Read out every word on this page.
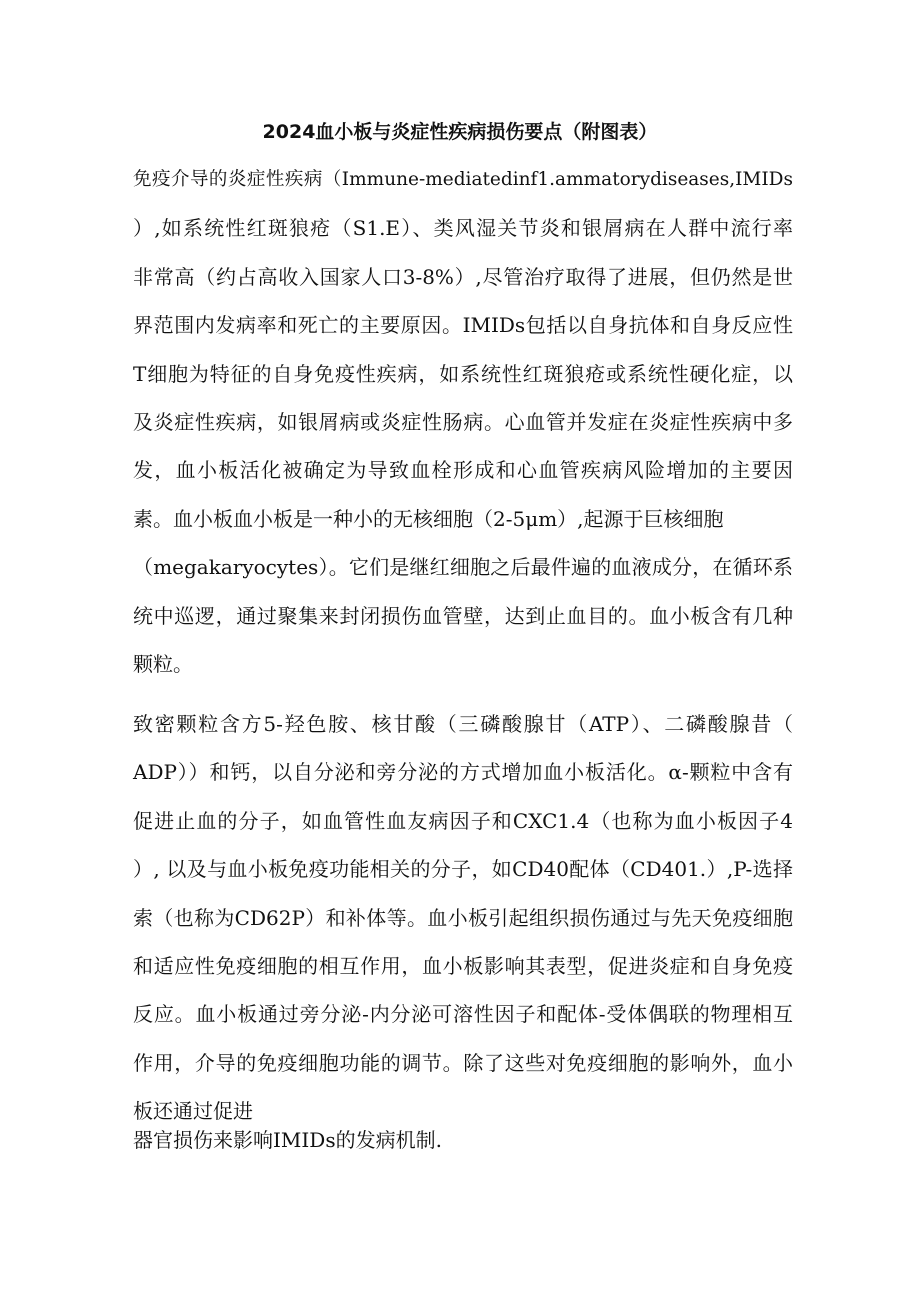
2024血小板与炎症性疾病损伤要点（附图表）
免疫介导的炎症性疾病（Immune-mediatedinf1.ammatorydiseases,IMIDs
）,如系统性红斑狼疮（S1.E）、类风湿关节炎和银屑病在人群中流行率
非常高（约占高收入国家人口3-8%）,尽管治疗取得了进展，但仍然是世
界范围内发病率和死亡的主要原因。IMIDs包括以自身抗体和自身反应性
T细胞为特征的自身免疫性疾病，如系统性红斑狼疮或系统性硬化症，以
及炎症性疾病，如银屑病或炎症性肠病。心血管并发症在炎症性疾病中多
发，血小板活化被确定为导致血栓形成和心血管疾病风险增加的主要因
素。血小板血小板是一种小的无核细胞（2-5μm）,起源于巨核细胞
（megakaryocytes）。它们是继红细胞之后最件遍的血液成分，在循环系
统中巡逻，通过聚集来封闭损伤血管壁，达到止血目的。血小板含有几种
颗粒。
致密颗粒含方5-羟色胺、核甘酸（三磷酸腺甘（ATP）、二磷酸腺昔（
ADP））和钙，以自分泌和旁分泌的方式增加血小板活化。α-颗粒中含有
促进止血的分子，如血管性血友病因子和CXC1.4（也称为血小板因子4
）, 以及与血小板免疫功能相关的分子，如CD40配体（CD401.）,P-选择
索（也称为CD62P）和补体等。血小板引起组织损伤通过与先天免疫细胞
和适应性免疫细胞的相互作用，血小板影响其表型，促进炎症和自身免疫
反应。血小板通过旁分泌-内分泌可溶性因子和配体-受体偶联的物理相互
作用，介导的免疫细胞功能的调节。除了这些对免疫细胞的影响外，血小
板还通过促进
器官损伤来影响IMIDs的发病机制.
